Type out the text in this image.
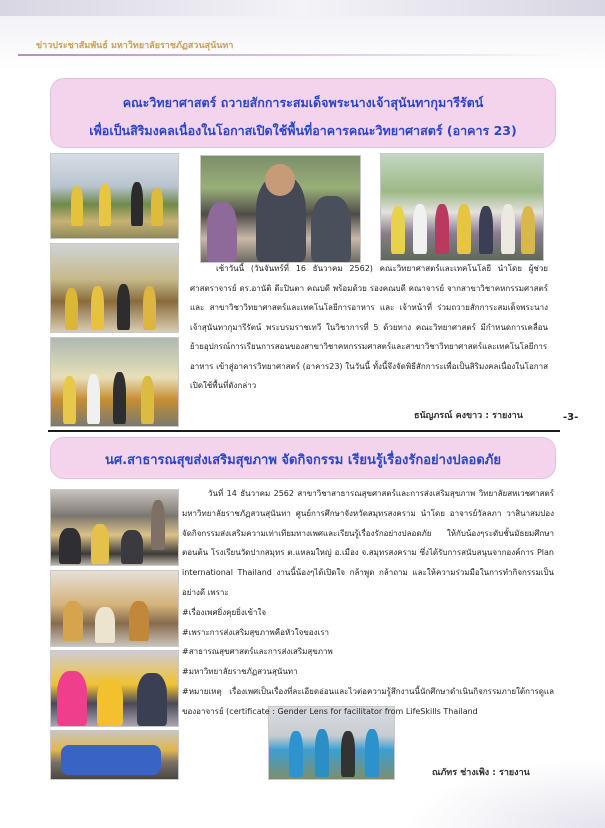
ข่าวประชาสัมพันธ์ มหาวิทยาลัยราชภัฏสวนสุนันทา
คณะวิทยาศาสตร์ ถวายสักการะสมเด็จพระนางเจ้าสุนันทากุมารีรัตน์
เพื่อเป็นสิริมงคลเนื่องในโอกาสเปิดใช้พื้นที่อาคารคณะวิทยาศาสตร์ (อาคาร 23)
เช้าวันนี้ (วันจันทร์ที่ 16 ธันวาคม 2562) คณะวิทยาศาสตร์และเทคโนโลยี นำโดย ผู้ช่วยศาสตราจารย์ ดร.อานัติ ดีะปินตา คณบดี พร้อมด้วย รองคณบดี คณาจารย์ จากสาขาวิชาคหกรรมศาสตร์และ สาขาวิชาวิทยาศาสตร์และเทคโนโลยีการอาหาร และ เจ้าหน้าที่ ร่วมถวายสักการะสมเด็จพระนางเจ้าสุนันทากุมารีรัตน์ พระบรมราชเทวี ในวิชาการที่ 5 ด้วยทาง คณะวิทยาศาสตร์ มีกำหนดการเคลื่อนย้ายอุปกรณ์การเรียนการสอนของสาขาวิชาคหกรรมศาสตร์และสาขาวิชาวิทยาศาสตร์และเทคโนโลยีการอาหาร เข้าสู่อาคารวิทยาศาสตร์ (อาคาร23) ในวันนี้ ทั้งนี้จึงจัดพิธีสักการะเพื่อเป็นสิริมงคลเนื่องในโอกาสเปิดใช้พื้นที่ดังกล่าว
ธนัญภรณ์ คงขาว : รายงาน	-3-
นศ.สาธารณสุขส่งเสริมสุขภาพ จัดกิจกรรม เรียนรู้เรื่องรักอย่างปลอดภัย
วันที่ 14 ธันวาคม 2562 สาขาวิชาสาธารณสุขศาสตร์และการส่งเสริมสุขภาพ วิทยาลัยสหเวชศาสตร์ มหาวิทยาลัยราชภัฏสวนสุนันทา ศูนย์การศึกษาจังหวัดสมุทรสงคราม นำโดย อาจารย์วัลลภา วาสินาสมปอง จัดกิจกรรมส่งเสริมความเท่าเทียมทางเพศและเรียนรู้เรื่องรักอย่างปลอดภัย ให้กับน้องๆระดับชั้นมัธยมศึกษาตอนต้น โรงเรียนวัดปากสมุทร ต.แหลมใหญ่ อ.เมือง จ.สมุทรสงคราม ซึ่งได้รับการสนับสนุนจากองค์การ Plan international Thailand งานนี้น้องๆได้เปิดใจ กล้าพูด กล้าถาม และให้ความร่วมมือในการทำกิจกรรมเป็นอย่างดี เพราะ
#เรื่องเพศยิ่งคุยยิ่งเข้าใจ
#เพราะการส่งเสริมสุขภาพคือหัวใจของเรา
#สาธารณสุขศาสตร์และการส่งเสริมสุขภาพ
#มหาวิทยาลัยราชภัฏสวนสุนันทา
#หมายเหตุ เรื่องเพศเป็นเรื่องที่ละเอียดอ่อนและไวต่อความรู้สึกงานนี้นักศึกษาดำเนินกิจกรรมภายใต้การดูแลของอาจารย์ (certificate : Gender Lens for facilitator from LifeSkills Thailand
ณภัทร ช่างเพิง : รายงาน
